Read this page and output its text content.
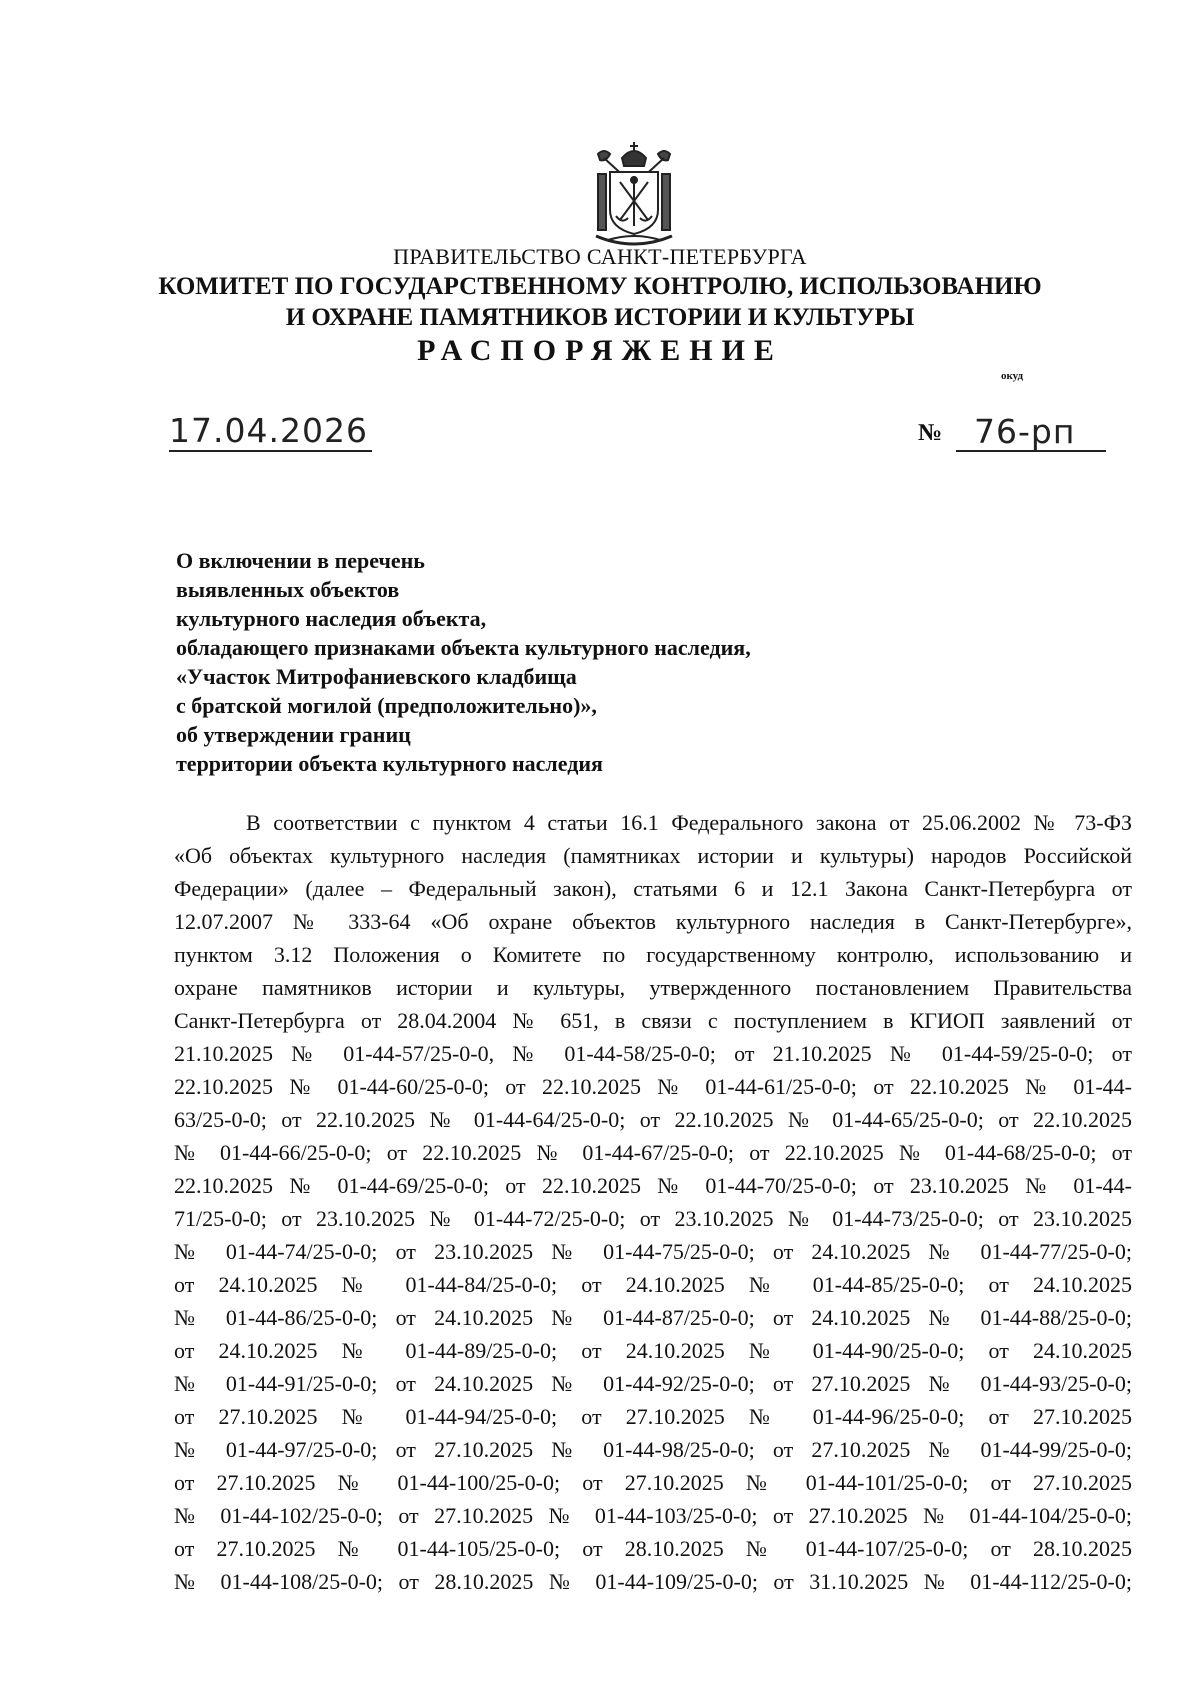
ПРАВИТЕЛЬСТВО САНКТ-ПЕТЕРБУРГА
КОМИТЕТ ПО ГОСУДАРСТВЕННОМУ КОНТРОЛЮ, ИСПОЛЬЗОВАНИЮ
И ОХРАНЕ ПАМЯТНИКОВ ИСТОРИИ И КУЛЬТУРЫ
РАСПОРЯЖЕНИЕ
окуд
17.04.2026	№ 76-рп
О включении в перечень
выявленных объектов
культурного наследия объекта,
обладающего признаками объекта культурного наследия,
«Участок Митрофаниевского кладбища
с братской могилой (предположительно)»,
об утверждении границ
территории объекта культурного наследия
В соответствии с пунктом 4 статьи 16.1 Федерального закона от 25.06.2002 № 73-ФЗ
«Об объектах культурного наследия (памятниках истории и культуры) народов Российской
Федерации» (далее – Федеральный закон), статьями 6 и 12.1 Закона Санкт-Петербурга от
12.07.2007 № 333-64 «Об охране объектов культурного наследия в Санкт-Петербурге»,
пунктом 3.12 Положения о Комитете по государственному контролю, использованию и
охране памятников истории и культуры, утвержденного постановлением Правительства
Санкт-Петербурга от 28.04.2004 № 651, в связи с поступлением в КГИОП заявлений от
21.10.2025 № 01-44-57/25-0-0, № 01-44-58/25-0-0; от 21.10.2025 № 01-44-59/25-0-0; от
22.10.2025 № 01-44-60/25-0-0; от 22.10.2025 № 01-44-61/25-0-0; от 22.10.2025 № 01-44-
63/25-0-0; от 22.10.2025 № 01-44-64/25-0-0; от 22.10.2025 № 01-44-65/25-0-0; от 22.10.2025
№ 01-44-66/25-0-0; от 22.10.2025 № 01-44-67/25-0-0; от 22.10.2025 № 01-44-68/25-0-0; от
22.10.2025 № 01-44-69/25-0-0; от 22.10.2025 № 01-44-70/25-0-0; от 23.10.2025 № 01-44-
71/25-0-0; от 23.10.2025 № 01-44-72/25-0-0; от 23.10.2025 № 01-44-73/25-0-0; от 23.10.2025
№ 01-44-74/25-0-0; от 23.10.2025 № 01-44-75/25-0-0; от 24.10.2025 № 01-44-77/25-0-0;
от 24.10.2025 № 01-44-84/25-0-0; от 24.10.2025 № 01-44-85/25-0-0; от 24.10.2025
№ 01-44-86/25-0-0; от 24.10.2025 № 01-44-87/25-0-0; от 24.10.2025 № 01-44-88/25-0-0;
от 24.10.2025 № 01-44-89/25-0-0; от 24.10.2025 № 01-44-90/25-0-0; от 24.10.2025
№ 01-44-91/25-0-0; от 24.10.2025 № 01-44-92/25-0-0; от 27.10.2025 № 01-44-93/25-0-0;
от 27.10.2025 № 01-44-94/25-0-0; от 27.10.2025 № 01-44-96/25-0-0; от 27.10.2025
№ 01-44-97/25-0-0; от 27.10.2025 № 01-44-98/25-0-0; от 27.10.2025 № 01-44-99/25-0-0;
от 27.10.2025 № 01-44-100/25-0-0; от 27.10.2025 № 01-44-101/25-0-0; от 27.10.2025
№ 01-44-102/25-0-0; от 27.10.2025 № 01-44-103/25-0-0; от 27.10.2025 № 01-44-104/25-0-0;
от 27.10.2025 № 01-44-105/25-0-0; от 28.10.2025 № 01-44-107/25-0-0; от 28.10.2025
№ 01-44-108/25-0-0; от 28.10.2025 № 01-44-109/25-0-0; от 31.10.2025 № 01-44-112/25-0-0;
